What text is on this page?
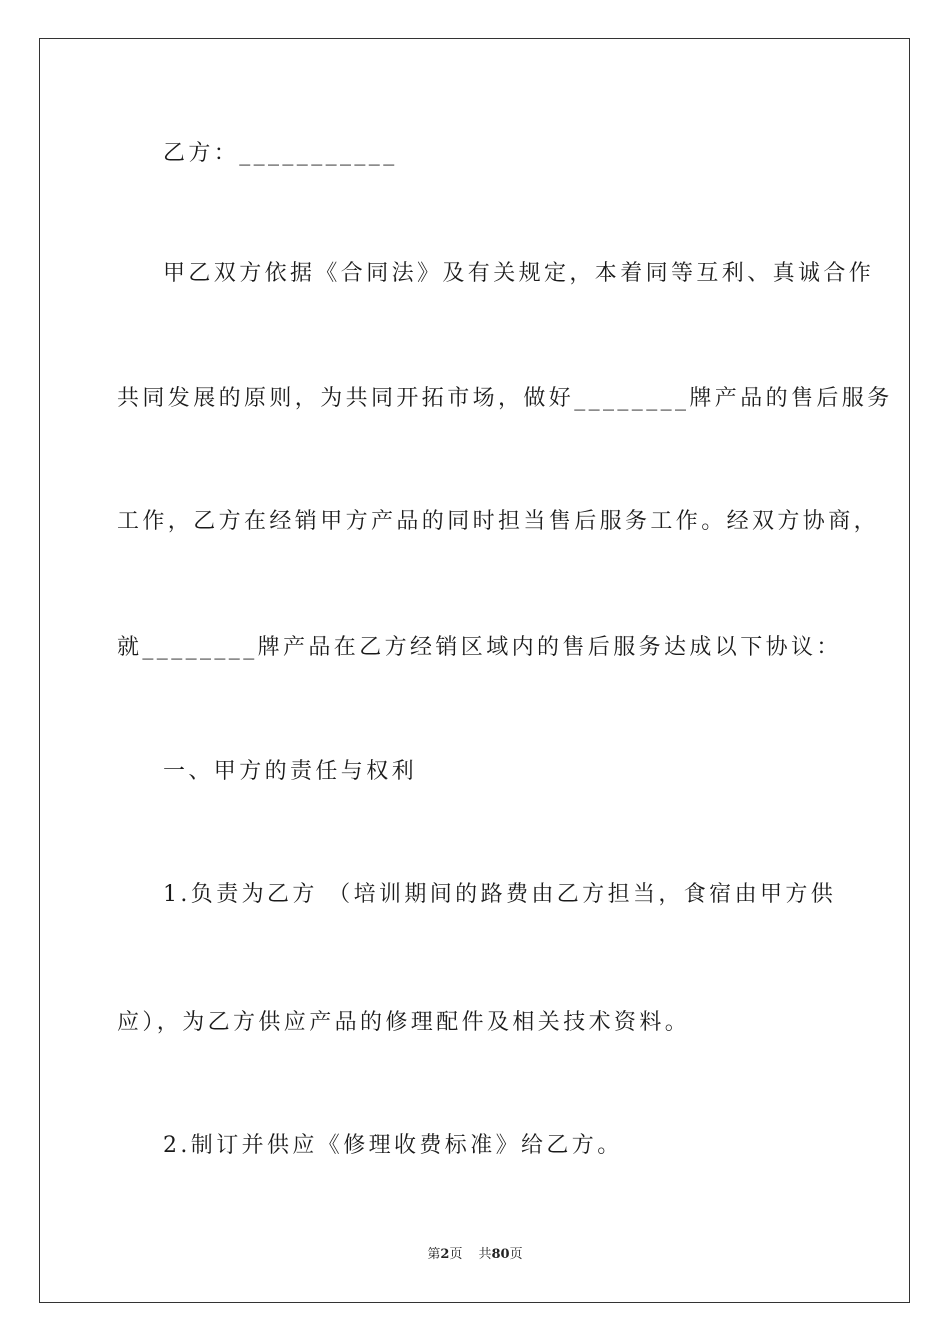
乙方：___________
甲乙双方依据《合同法》及有关规定，本着同等互利、真诚合作
共同发展的原则，为共同开拓市场，做好________牌产品的售后服务
工作，乙方在经销甲方产品的同时担当售后服务工作。经双方协商，
就________牌产品在乙方经销区域内的售后服务达成以下协议：
一、甲方的责任与权利
1.负责为乙方 （培训期间的路费由乙方担当，食宿由甲方供
应），为乙方供应产品的修理配件及相关技术资料。
2.制订并供应《修理收费标准》给乙方。
第2页 共80页
